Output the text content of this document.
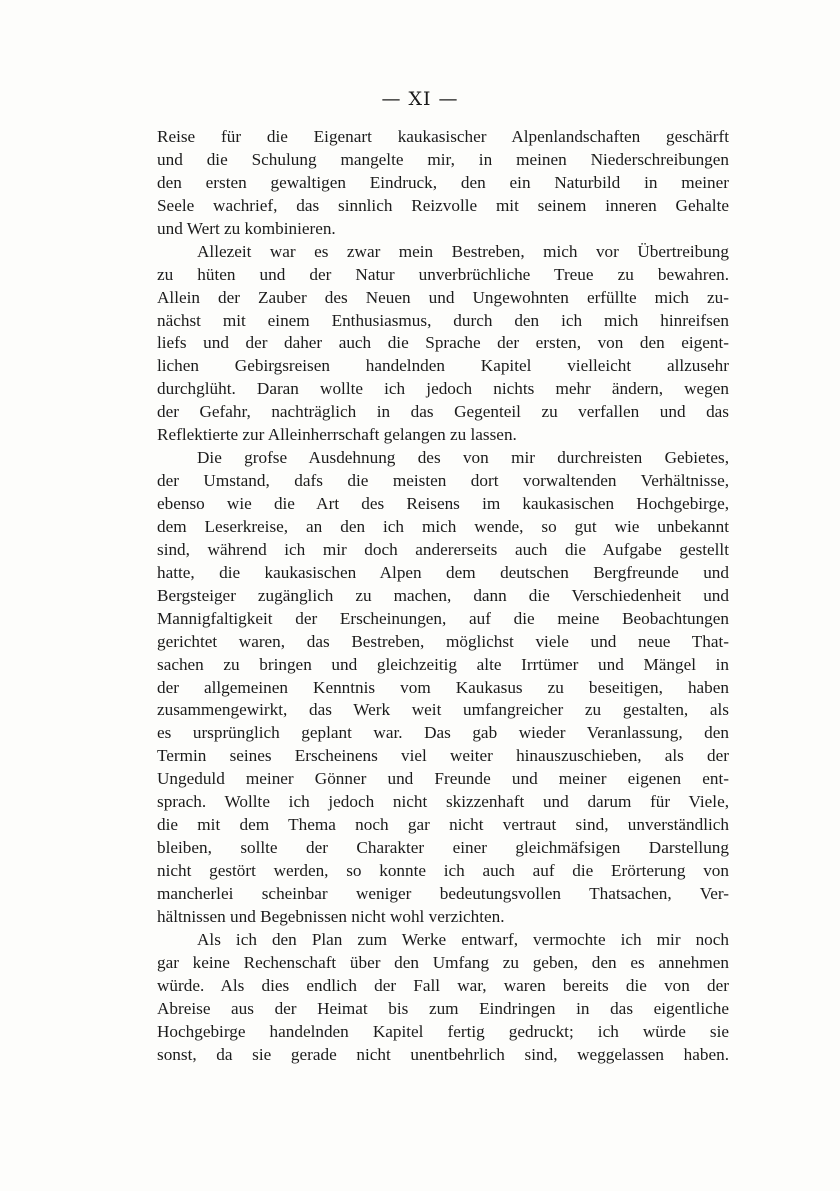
— XI —
Reise für die Eigenart kaukasischer Alpenlandschaften geschärft
und die Schulung mangelte mir, in meinen Niederschreibungen
den ersten gewaltigen Eindruck, den ein Naturbild in meiner
Seele wachrief, das sinnlich Reizvolle mit seinem inneren Gehalte
und Wert zu kombinieren.
Allezeit war es zwar mein Bestreben, mich vor Übertreibung
zu hüten und der Natur unverbrüchliche Treue zu bewahren.
Allein der Zauber des Neuen und Ungewohnten erfüllte mich zu-
nächst mit einem Enthusiasmus, durch den ich mich hinreifsen
liefs und der daher auch die Sprache der ersten, von den eigent-
lichen Gebirgsreisen handelnden Kapitel vielleicht allzusehr
durchglüht. Daran wollte ich jedoch nichts mehr ändern, wegen
der Gefahr, nachträglich in das Gegenteil zu verfallen und das
Reflektierte zur Alleinherrschaft gelangen zu lassen.
Die grofse Ausdehnung des von mir durchreisten Gebietes,
der Umstand, dafs die meisten dort vorwaltenden Verhältnisse,
ebenso wie die Art des Reisens im kaukasischen Hochgebirge,
dem Leserkreise, an den ich mich wende, so gut wie unbekannt
sind, während ich mir doch andererseits auch die Aufgabe gestellt
hatte, die kaukasischen Alpen dem deutschen Bergfreunde und
Bergsteiger zugänglich zu machen, dann die Verschiedenheit und
Mannigfaltigkeit der Erscheinungen, auf die meine Beobachtungen
gerichtet waren, das Bestreben, möglichst viele und neue That-
sachen zu bringen und gleichzeitig alte Irrtümer und Mängel in
der allgemeinen Kenntnis vom Kaukasus zu beseitigen, haben
zusammengewirkt, das Werk weit umfangreicher zu gestalten, als
es ursprünglich geplant war. Das gab wieder Veranlassung, den
Termin seines Erscheinens viel weiter hinauszuschieben, als der
Ungeduld meiner Gönner und Freunde und meiner eigenen ent-
sprach. Wollte ich jedoch nicht skizzenhaft und darum für Viele,
die mit dem Thema noch gar nicht vertraut sind, unverständlich
bleiben, sollte der Charakter einer gleichmäfsigen Darstellung
nicht gestört werden, so konnte ich auch auf die Erörterung von
mancherlei scheinbar weniger bedeutungsvollen Thatsachen, Ver-
hältnissen und Begebnissen nicht wohl verzichten.
Als ich den Plan zum Werke entwarf, vermochte ich mir noch
gar keine Rechenschaft über den Umfang zu geben, den es annehmen
würde. Als dies endlich der Fall war, waren bereits die von der
Abreise aus der Heimat bis zum Eindringen in das eigentliche
Hochgebirge handelnden Kapitel fertig gedruckt; ich würde sie
sonst, da sie gerade nicht unentbehrlich sind, weggelassen haben.
